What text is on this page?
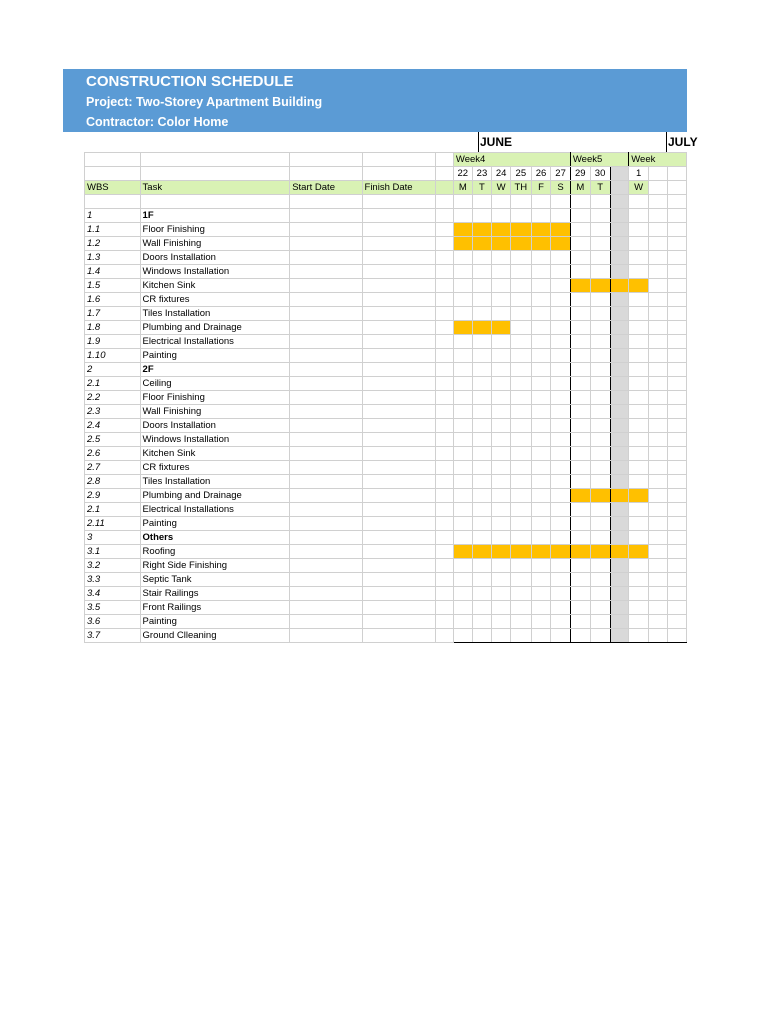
CONSTRUCTION SCHEDULE
Project: Two-Storey Apartment Building
Contractor: Color Home
JUNE	JULY
					Week4						Week5			Week		
					22	23	24	25	26	27	29	30		1		
WBS	Task	Start Date	Finish Date		M	T	W	TH	F	S	M	T		W		

1	1F															
1.1	Floor Finishing															
1.2	Wall Finishing															
1.3	Doors Installation															
1.4	Windows Installation															
1.5	Kitchen Sink															
1.6	CR fixtures															
1.7	Tiles Installation															
1.8	Plumbing and Drainage															
1.9	Electrical Installations															
1.10	Painting															
2	2F															
2.1	Ceiling															
2.2	Floor Finishing															
2.3	Wall Finishing															
2.4	Doors Installation															
2.5	Windows Installation															
2.6	Kitchen Sink															
2.7	CR fixtures															
2.8	Tiles Installation															
2.9	Plumbing and Drainage															
2.1	Electrical Installations															
2.11	Painting															
3	Others															
3.1	Roofing															
3.2	Right Side Finishing															
3.3	Septic Tank															
3.4	Stair Railings															
3.5	Front Railings															
3.6	Painting															
3.7	Ground Clleaning															
